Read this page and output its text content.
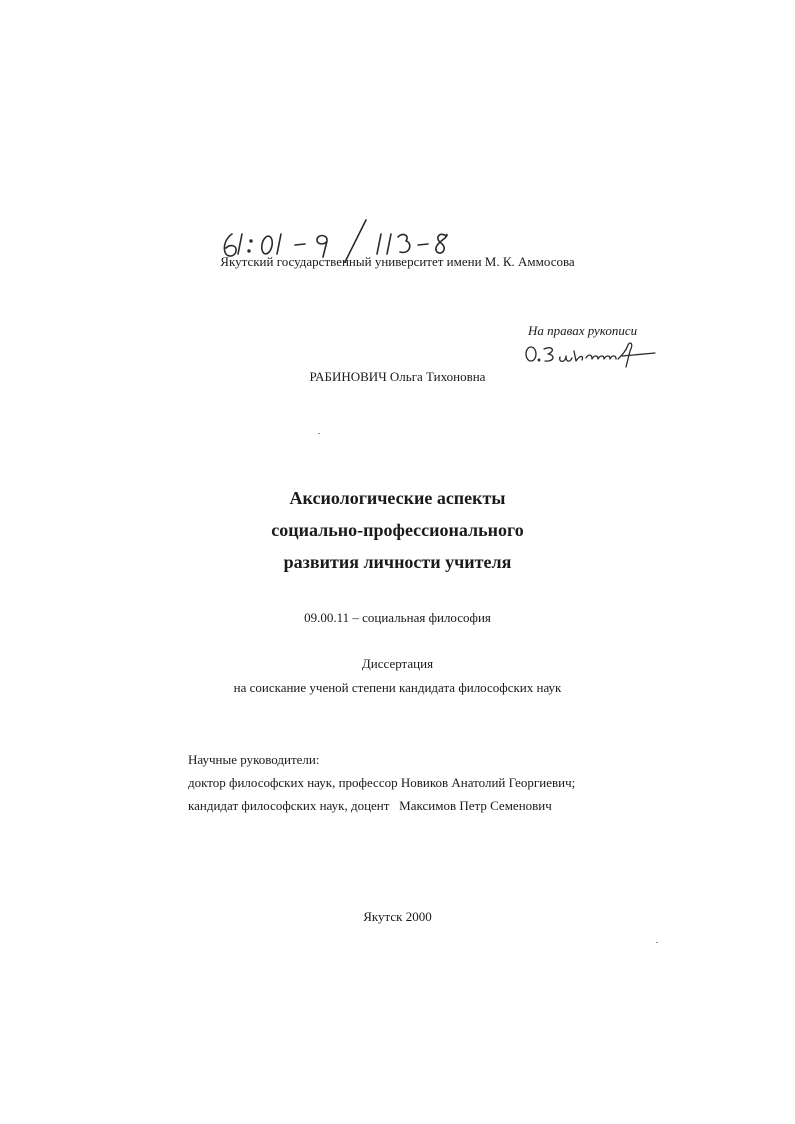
Якутский государственный университет имени М. К. Аммосова
На правах рукописи
РАБИНОВИЧ Ольга Тихоновна
Аксиологические аспекты
социально-профессионального
развития личности учителя
09.00.11 – социальная философия
Диссертация
на соискание ученой степени кандидата философских наук
Научные руководители:
доктор философских наук, профессор Новиков Анатолий Георгиевич;
кандидат философских наук, доцент   Максимов Петр Семенович
Якутск 2000
